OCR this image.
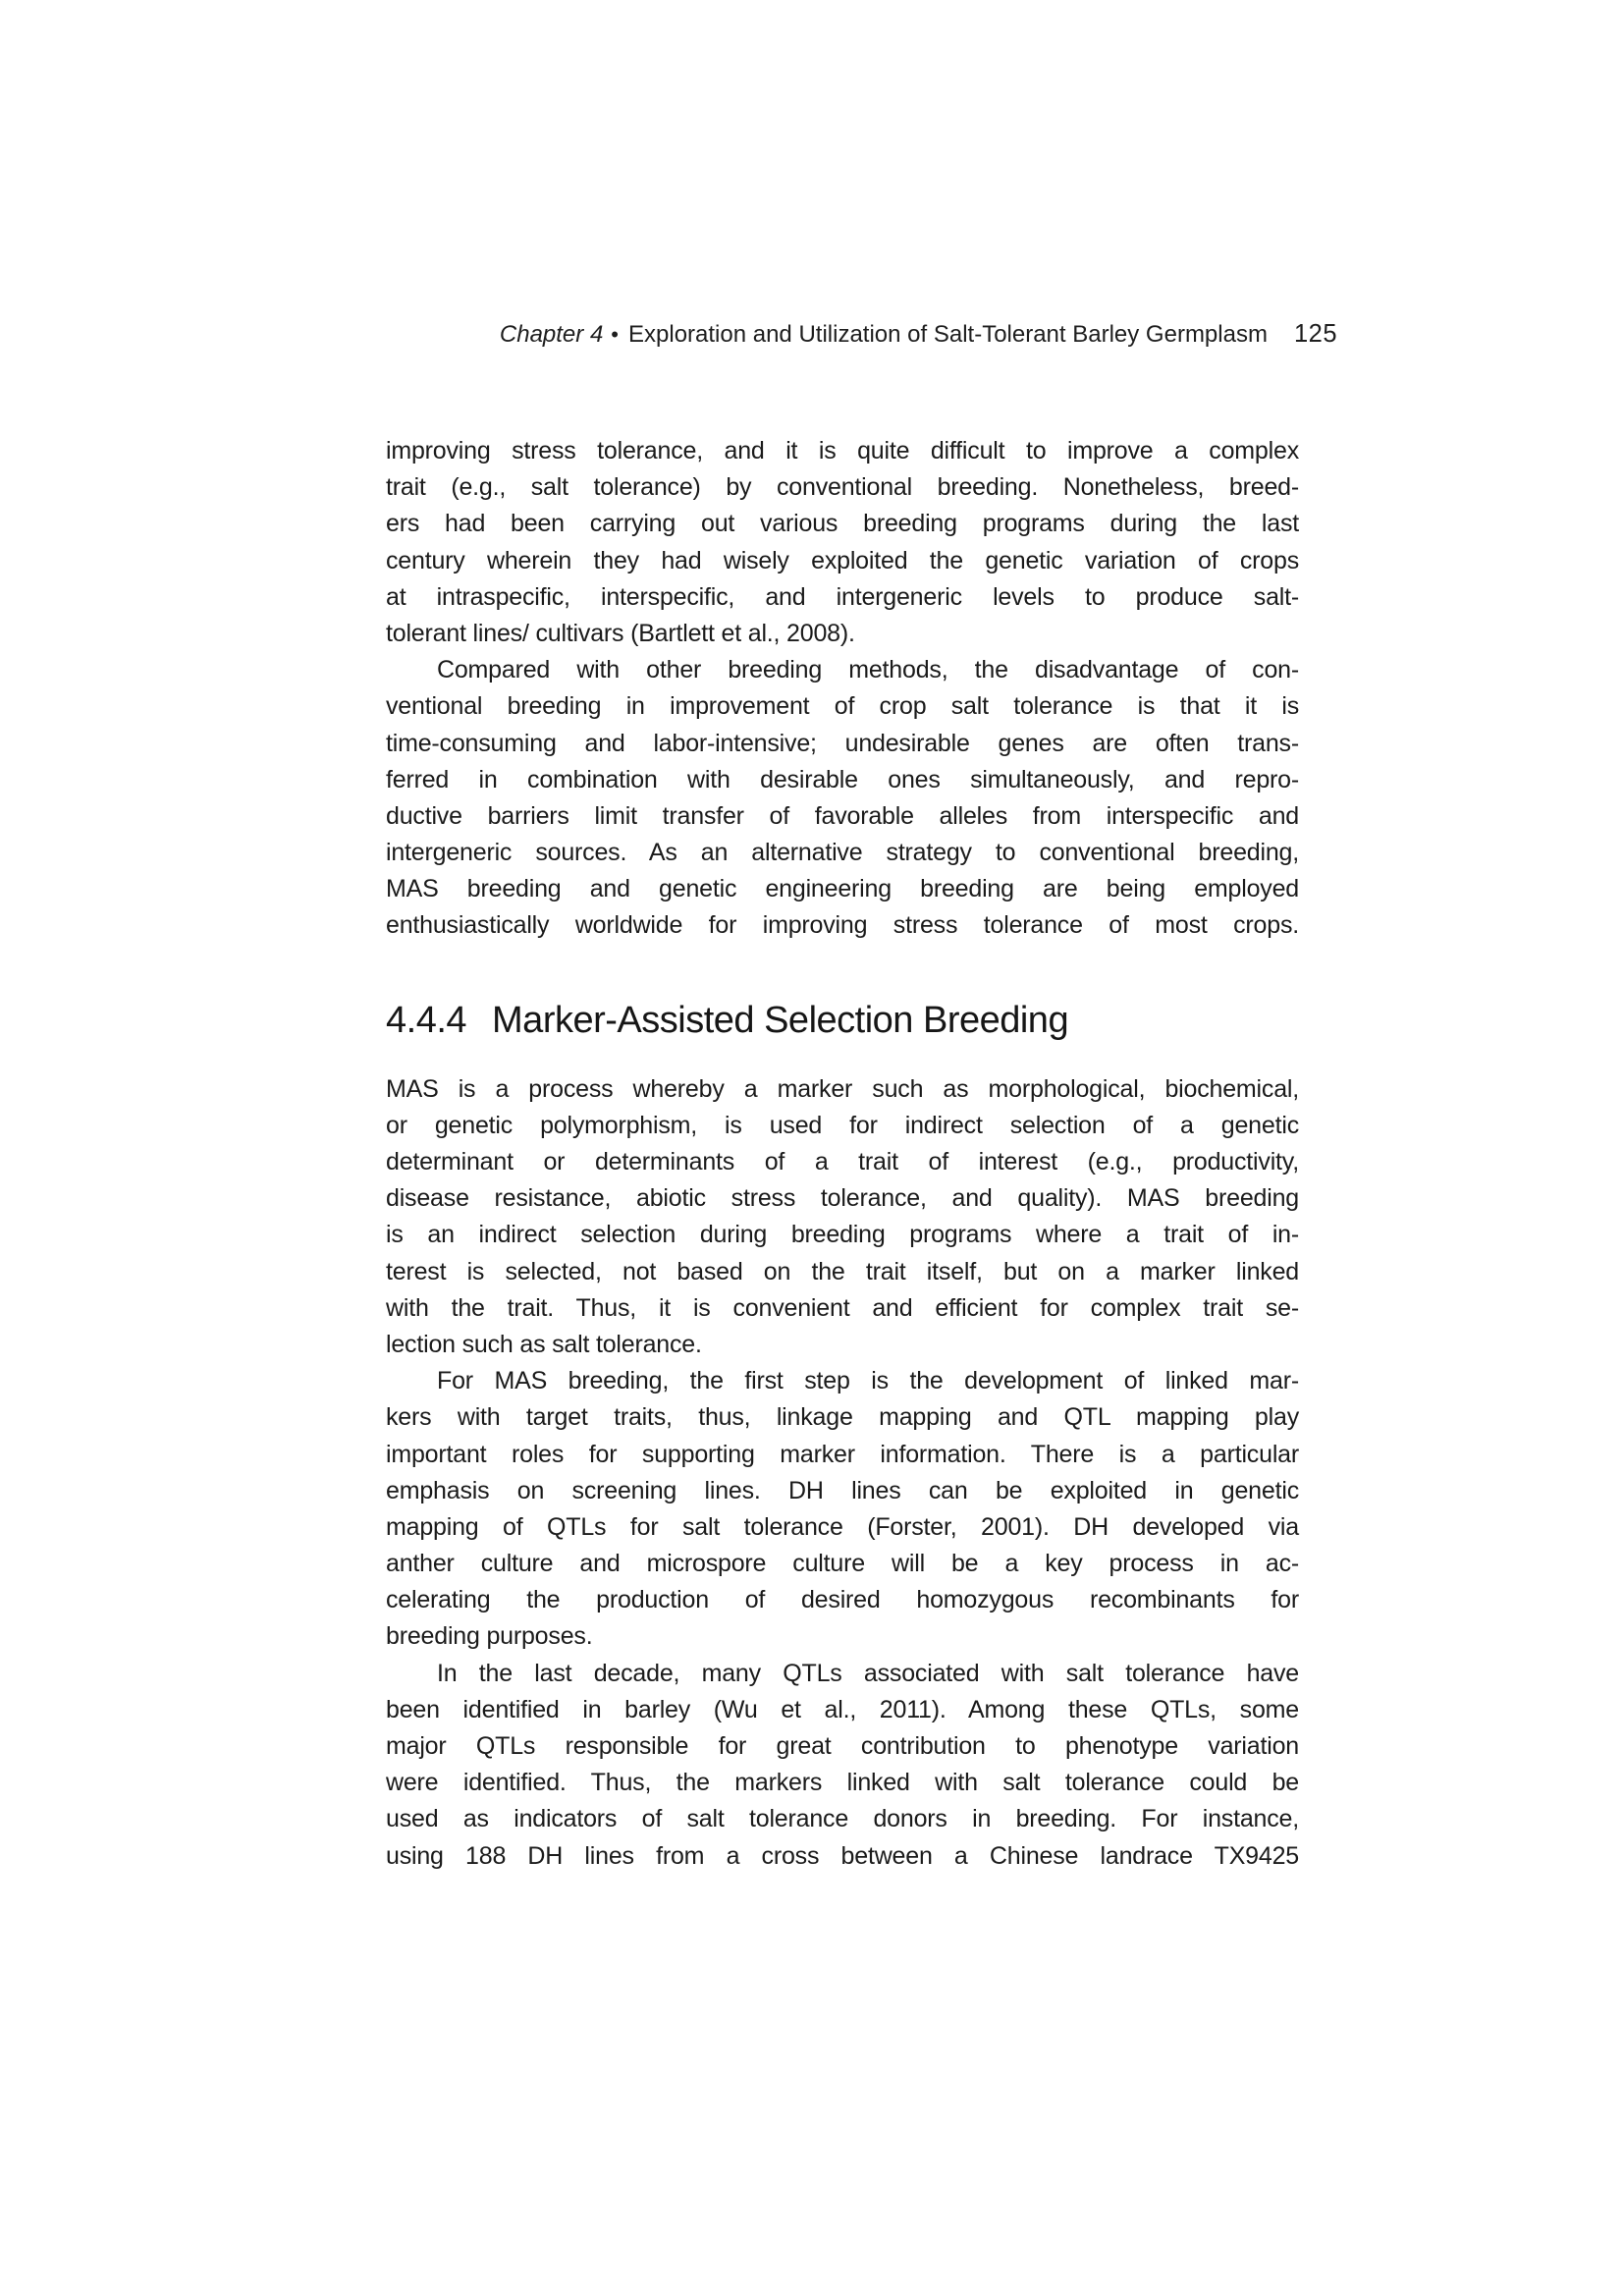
Chapter 4 • Exploration and Utilization of Salt-Tolerant Barley Germplasm 125
improving stress tolerance, and it is quite difficult to improve a complex
trait (e.g., salt tolerance) by conventional breeding. Nonetheless, breed-
ers had been carrying out various breeding programs during the last
century wherein they had wisely exploited the genetic variation of crops
at intraspecific, interspecific, and intergeneric levels to produce salt-
tolerant lines/ cultivars (Bartlett et al., 2008).
Compared with other breeding methods, the disadvantage of con-
ventional breeding in improvement of crop salt tolerance is that it is
time-consuming and labor-intensive; undesirable genes are often trans-
ferred in combination with desirable ones simultaneously, and repro-
ductive barriers limit transfer of favorable alleles from interspecific and
intergeneric sources. As an alternative strategy to conventional breeding,
MAS breeding and genetic engineering breeding are being employed
enthusiastically worldwide for improving stress tolerance of most crops.
4.4.4 Marker-Assisted Selection Breeding
MAS is a process whereby a marker such as morphological, biochemical,
or genetic polymorphism, is used for indirect selection of a genetic
determinant or determinants of a trait of interest (e.g., productivity,
disease resistance, abiotic stress tolerance, and quality). MAS breeding
is an indirect selection during breeding programs where a trait of in-
terest is selected, not based on the trait itself, but on a marker linked
with the trait. Thus, it is convenient and efficient for complex trait se-
lection such as salt tolerance.
For MAS breeding, the first step is the development of linked mar-
kers with target traits, thus, linkage mapping and QTL mapping play
important roles for supporting marker information. There is a particular
emphasis on screening lines. DH lines can be exploited in genetic
mapping of QTLs for salt tolerance (Forster, 2001). DH developed via
anther culture and microspore culture will be a key process in ac-
celerating the production of desired homozygous recombinants for
breeding purposes.
In the last decade, many QTLs associated with salt tolerance have
been identified in barley (Wu et al., 2011). Among these QTLs, some
major QTLs responsible for great contribution to phenotype variation
were identified. Thus, the markers linked with salt tolerance could be
used as indicators of salt tolerance donors in breeding. For instance,
using 188 DH lines from a cross between a Chinese landrace TX9425
